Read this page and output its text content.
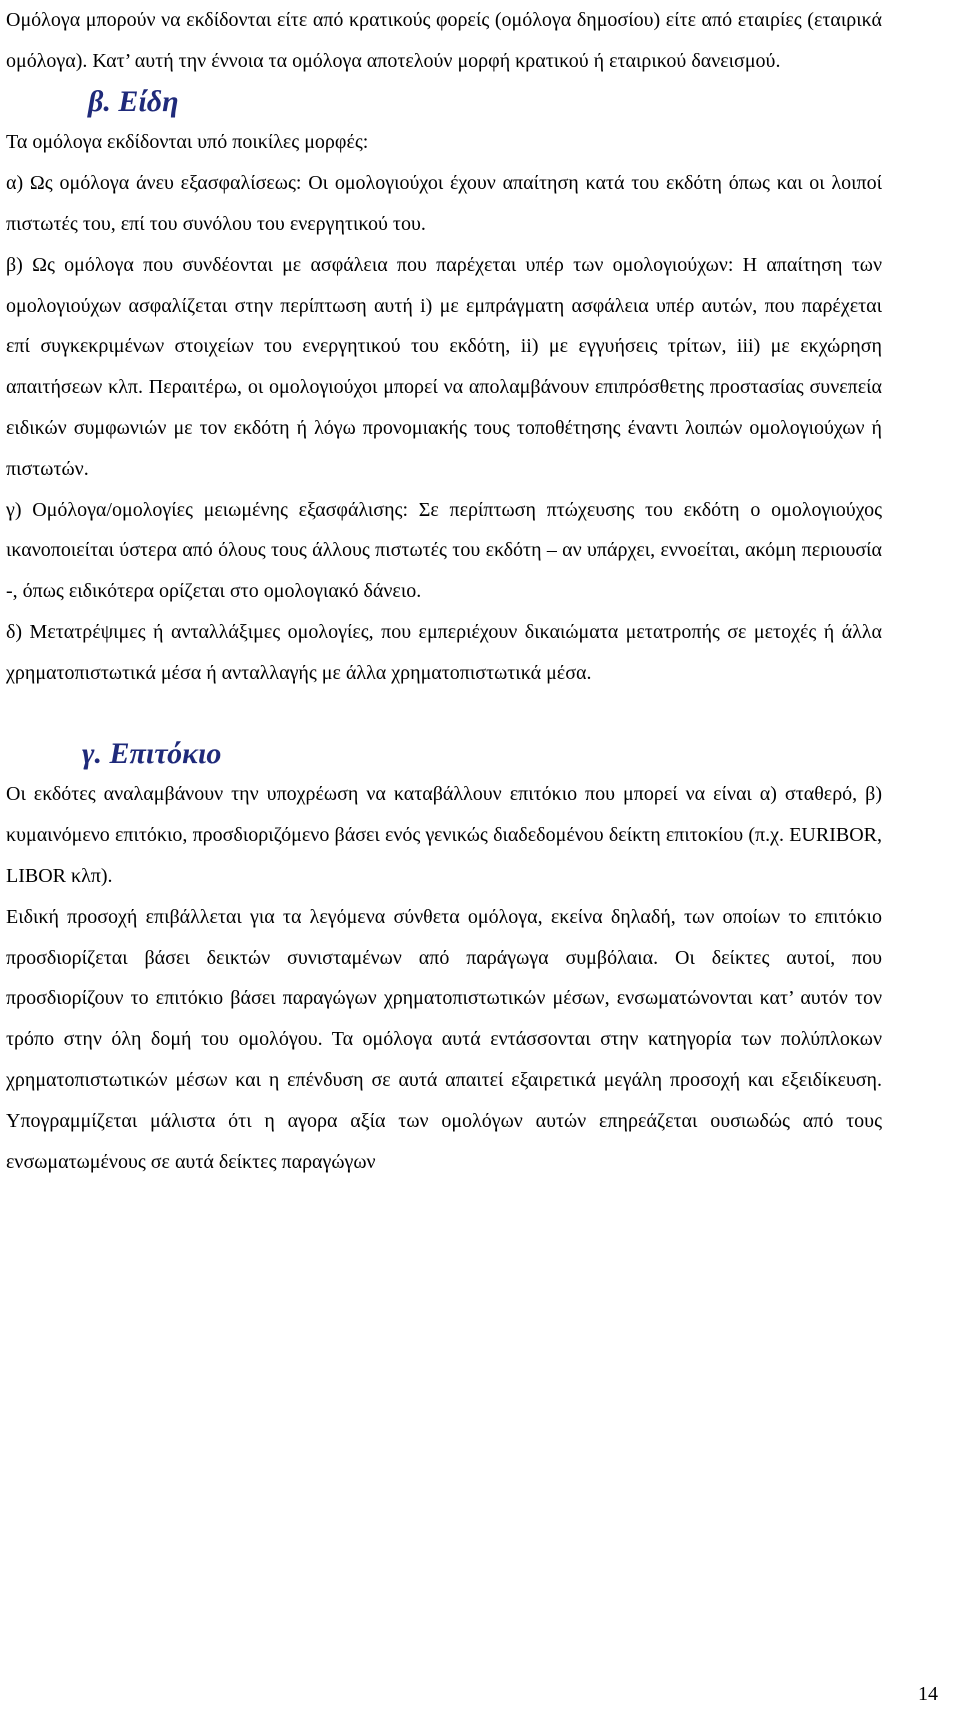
Ομόλογα μπορούν να εκδίδονται είτε από κρατικούς φορείς (ομόλογα δημοσίου) είτε από εταιρίες (εταιρικά ομόλογα). Κατ’ αυτή την έννοια τα ομόλογα αποτελούν μορφή κρατικού ή εταιρικού δανεισμού.

β. Είδη

Τα ομόλογα εκδίδονται υπό ποικίλες μορφές:

α) Ως ομόλογα άνευ εξασφαλίσεως: Οι ομολογιούχοι έχουν απαίτηση κατά του εκδότη όπως και οι λοιποί πιστωτές του, επί του συνόλου του ενεργητικού του.

β) Ως ομόλογα που συνδέονται με ασφάλεια που παρέχεται υπέρ των ομολογιούχων: Η απαίτηση των ομολογιούχων ασφαλίζεται στην περίπτωση αυτή i) με εμπράγματη ασφάλεια υπέρ αυτών, που παρέχεται επί συγκεκριμένων στοιχείων του ενεργητικού του εκδότη, ii) με εγγυήσεις τρίτων, iii) με εκχώρηση απαιτήσεων κλπ. Περαιτέρω, οι ομολογιούχοι μπορεί να απολαμβάνουν επιπρόσθετης προστασίας συνεπεία ειδικών συμφωνιών με τον εκδότη ή λόγω προνομιακής τους τοποθέτησης έναντι λοιπών ομολογιούχων ή πιστωτών.

γ) Ομόλογα/ομολογίες μειωμένης εξασφάλισης: Σε περίπτωση πτώχευσης του εκδότη ο ομολογιούχος ικανοποιείται ύστερα από όλους τους άλλους πιστωτές του εκδότη – αν υπάρχει, εννοείται, ακόμη περιουσία -, όπως ειδικότερα ορίζεται στο ομολογιακό δάνειο.

δ) Μετατρέψιμες ή ανταλλάξιμες ομολογίες, που εμπεριέχουν δικαιώματα μετατροπής σε μετοχές ή άλλα χρηματοπιστωτικά μέσα ή ανταλλαγής με άλλα χρηματοπιστωτικά μέσα.

γ. Επιτόκιο

Οι εκδότες αναλαμβάνουν την υποχρέωση να καταβάλλουν επιτόκιο που μπορεί να είναι α) σταθερό, β) κυμαινόμενο επιτόκιο, προσδιοριζόμενο βάσει ενός γενικώς διαδεδομένου δείκτη επιτοκίου (π.χ. EURIBOR, LIBOR κλπ).

Ειδική προσοχή επιβάλλεται για τα λεγόμενα σύνθετα ομόλογα, εκείνα δηλαδή, των οποίων το επιτόκιο προσδιορίζεται βάσει δεικτών συνισταμένων από παράγωγα συμβόλαια. Οι δείκτες αυτοί, που προσδιορίζουν το επιτόκιο βάσει παραγώγων χρηματοπιστωτικών μέσων, ενσωματώνονται κατ’ αυτόν τον τρόπο στην όλη δομή του ομολόγου. Τα ομόλογα αυτά εντάσσονται στην κατηγορία των πολύπλοκων χρηματοπιστωτικών μέσων και η επένδυση σε αυτά απαιτεί εξαιρετικά μεγάλη προσοχή και εξειδίκευση. Υπογραμμίζεται μάλιστα ότι η αγορα αξία των ομολόγων αυτών επηρεάζεται ουσιωδώς από τους ενσωματωμένους σε αυτά δείκτες παραγώγων

14
